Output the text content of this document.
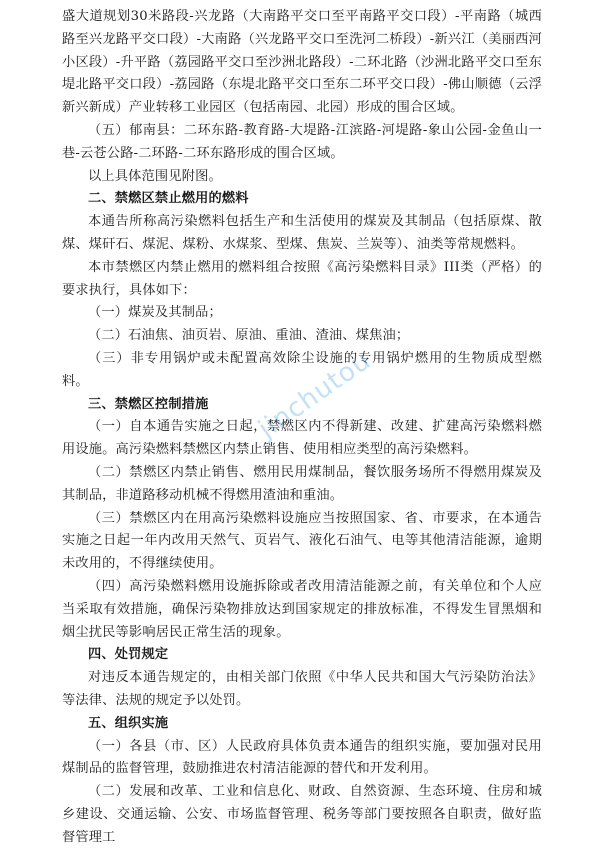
盛大道规划30米路段-兴龙路（大南路平交口至平南路平交口段）-平南路（城西路至兴龙路平交口段）-大南路（兴龙路平交口至洗河二桥段）-新兴江（美丽西河小区段）-升平路（荔园路平交口至沙洲北路段）-二环北路（沙洲北路平交口至东堤北路平交口段）-荔园路（东堤北路平交口至东二环平交口段）-佛山顺德（云浮新兴新成）产业转移工业园区（包括南园、北园）形成的围合区域。

（五）郁南县：二环东路-教育路-大堤路-江滨路-河堤路-象山公园-金鱼山一巷-云苍公路-二环路-二环东路形成的围合区域。

以上具体范围见附图。

二、禁燃区禁止燃用的燃料

本通告所称高污染燃料包括生产和生活使用的煤炭及其制品（包括原煤、散煤、煤矸石、煤泥、煤粉、水煤浆、型煤、焦炭、兰炭等）、油类等常规燃料。

本市禁燃区内禁止燃用的燃料组合按照《高污染燃料目录》III类（严格）的要求执行，具体如下：

（一）煤炭及其制品；

（二）石油焦、油页岩、原油、重油、渣油、煤焦油；

（三）非专用锅炉或未配置高效除尘设施的专用锅炉燃用的生物质成型燃料。

三、禁燃区控制措施

（一）自本通告实施之日起，禁燃区内不得新建、改建、扩建高污染燃料燃用设施。高污染燃料禁燃区内禁止销售、使用相应类型的高污染燃料。

（二）禁燃区内禁止销售、燃用民用煤制品，餐饮服务场所不得燃用煤炭及其制品，非道路移动机械不得燃用渣油和重油。

（三）禁燃区内在用高污染燃料设施应当按照国家、省、市要求，在本通告实施之日起一年内改用天然气、页岩气、液化石油气、电等其他清洁能源，逾期未改用的，不得继续使用。

（四）高污染燃料燃用设施拆除或者改用清洁能源之前，有关单位和个人应当采取有效措施，确保污染物排放达到国家规定的排放标准，不得发生冒黑烟和烟尘扰民等影响居民正常生活的现象。

四、处罚规定

对违反本通告规定的，由相关部门依照《中华人民共和国大气污染防治法》等法律、法规的规定予以处罚。

五、组织实施

（一）各县（市、区）人民政府具体负责本通告的组织实施，要加强对民用煤制品的监督管理，鼓励推进农村清洁能源的替代和开发利用。

（二）发展和改革、工业和信息化、财政、自然资源、生态环境、住房和城乡建设、交通运输、公安、市场监督管理、税务等部门要按照各自职责，做好监督管理工

jinchutou
